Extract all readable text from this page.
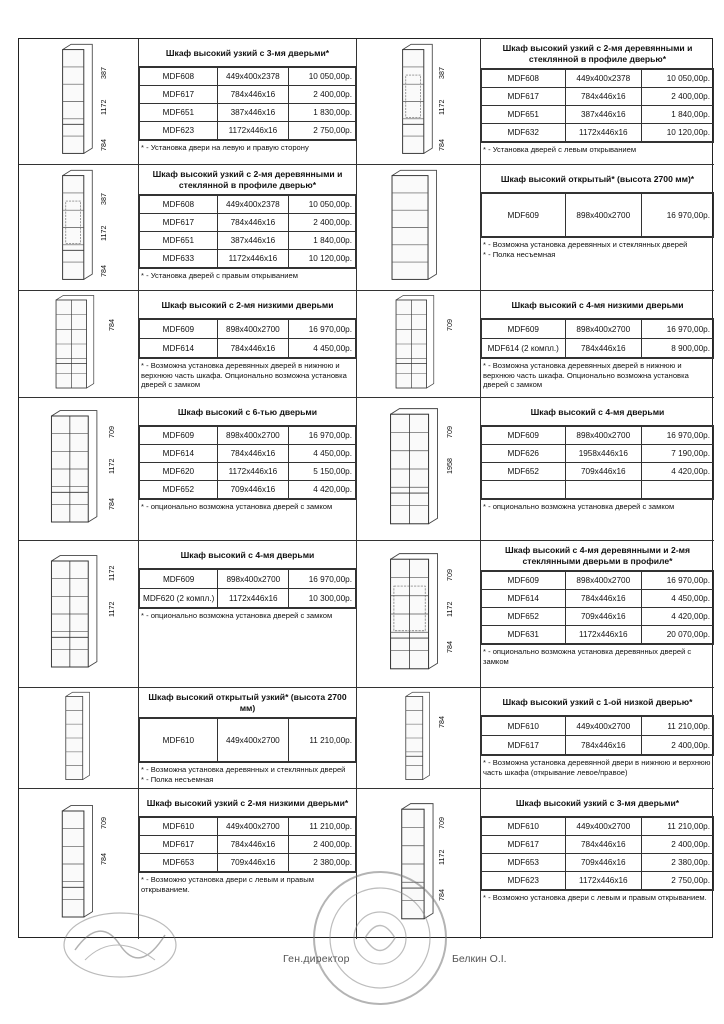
387
1172
784
Шкаф высокий узкий с 3-мя дверьми*
MDF608	449x400x2378	10 050,00р.
MDF617	784x446x16	2 400,00р.
MDF651	387x446x16	1 830,00р.
MDF623	1172x446x16	2 750,00р.
* - Установка двери на левую и правую сторону
387
1172
784
Шкаф высокий узкий с 2-мя деревянными и стеклянной в профиле дверью*
MDF608	449x400x2378	10 050,00р.
MDF617	784x446x16	2 400,00р.
MDF651	387x446x16	1 840,00р.
MDF632	1172x446x16	10 120,00р.
* - Установка дверей с левым открыванием
387
1172
784
Шкаф высокий узкий с 2-мя деревянными и стеклянной в профиле дверью*
MDF608	449x400x2378	10 050,00р.
MDF617	784x446x16	2 400,00р.
MDF651	387x446x16	1 840,00р.
MDF633	1172x446x16	10 120,00р.
* - Установка дверей с правым открыванием
Шкаф высокий открытый* (высота 2700 мм)*
MDF609	898x400x2700	16 970,00р.
* - Возможна установка деревянных и стеклянных дверей
* - Полка несъемная
784
Шкаф высокий с 2-мя низкими дверьми
MDF609	898x400x2700	16 970,00р.
MDF614	784x446x16	4 450,00р.
* - Возможна установка деревянных дверей в нижнюю и верхнюю часть шкафа. Опционально возможна установка дверей с замком
709
Шкаф высокий с 4-мя низкими дверьми
MDF609	898x400x2700	16 970,00р.
MDF614 (2 компл.)	784x446x16	8 900,00р.
* - Возможна установка деревянных дверей в нижнюю и верхнюю часть шкафа. Опционально возможна установка дверей с замком
709
1172
784
Шкаф высокий с 6-тью дверьми
MDF609	898x400x2700	16 970,00р.
MDF614	784x446x16	4 450,00р.
MDF620	1172x446x16	5 150,00р.
MDF652	709x446x16	4 420,00р.
* - опционально возможна установка дверей с замком
709
1958
Шкаф высокий с 4-мя дверьми
MDF609	898x400x2700	16 970,00р.
MDF626	1958x446x16	7 190,00р.
MDF652	709x446x16	4 420,00р.

* - опционально возможна установка дверей с замком
1172
1172
Шкаф высокий с 4-мя дверьми
MDF609	898x400x2700	16 970,00р.
MDF620 (2 компл.)	1172x446x16	10 300,00р.
* - опционально возможна установка дверей с замком
709
1172
784
Шкаф высокий с 4-мя деревянными и 2-мя стеклянными дверьми в профиле*
MDF609	898x400x2700	16 970,00р.
MDF614	784x446x16	4 450,00р.
MDF652	709x446x16	4 420,00р.
MDF631	1172x446x16	20 070,00р.
* - опционально возможна установка деревянных дверей с замком
Шкаф высокий открытый узкий* (высота 2700 мм)
MDF610	449x400x2700	11 210,00р.
* - Возможна установка деревянных и стеклянных дверей
* - Полка несъемная
784
Шкаф высокий узкий с 1-ой низкой дверью*
MDF610	449x400x2700	11 210,00р.
MDF617	784x446x16	2 400,00р.
* - Возможна установка деревянной двери в нижнюю и верхнюю часть шкафа (открывание левое/правое)
709
784
Шкаф высокий узкий с 2-мя низкими дверьми*
MDF610	449x400x2700	11 210,00р.
MDF617	784x446x16	2 400,00р.
MDF653	709x446x16	2 380,00р.
* - Возможно установка двери с левым и правым открыванием.
709
1172
784
Шкаф высокий узкий с 3-мя дверьми*
MDF610	449x400x2700	11 210,00р.
MDF617	784x446x16	2 400,00р.
MDF653	709x446x16	2 380,00р.
MDF623	1172x446x16	2 750,00р.
* - Возможно установка двери с левым и правым открыванием.
Ген.директор	Белкин О.І.
